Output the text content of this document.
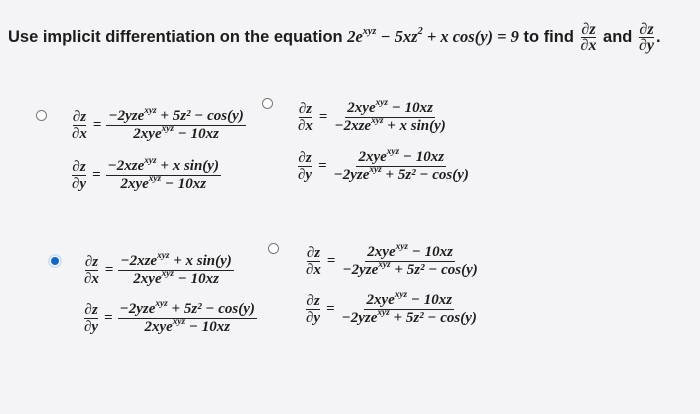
Use implicit differentiation on the equation $2e^{xyz} - 5xz^2 + x$ cos(y) = 9 to find $\frac{\partial z}{\partial x}$ and $\frac{\partial z}{\partial y}$ .
$\frac{\partial z}{\partial x} = \frac{-2yze^{xyz} + 5z^2 - \cos(y)}{2xye^{xyz} - 10xz}$
$\frac{\partial z}{\partial y} = \frac{-2xze^{xyz} + x \sin(y)}{2xye^{xyz} - 10xz}$
$\frac{\partial z}{\partial x} = \frac{2xye^{xyz} - 10xz}{-2xze^{xyz} + x \sin(y)}$
$\frac{\partial z}{\partial y} = \frac{2xye^{xyz} - 10xz}{-2yze^{xyz} + 5z^2 - \cos(y)}$
$\frac{\partial z}{\partial x} = \frac{-2xze^{xyz} + x \sin(y)}{2xye^{xyz} - 10xz}$
$\frac{\partial z}{\partial y} = \frac{-2yze^{xyz} + 5z^2 - \cos(y)}{2xye^{xyz} - 10xz}$
$\frac{\partial z}{\partial x} = \frac{2xye^{xyz} - 10xz}{-2yze^{xyz} + 5z^2 - \cos(y)}$
$\frac{\partial z}{\partial y} = \frac{2xye^{xyz} - 10xz}{-2yze^{xyz} + 5z^2 - \cos(y)}$
